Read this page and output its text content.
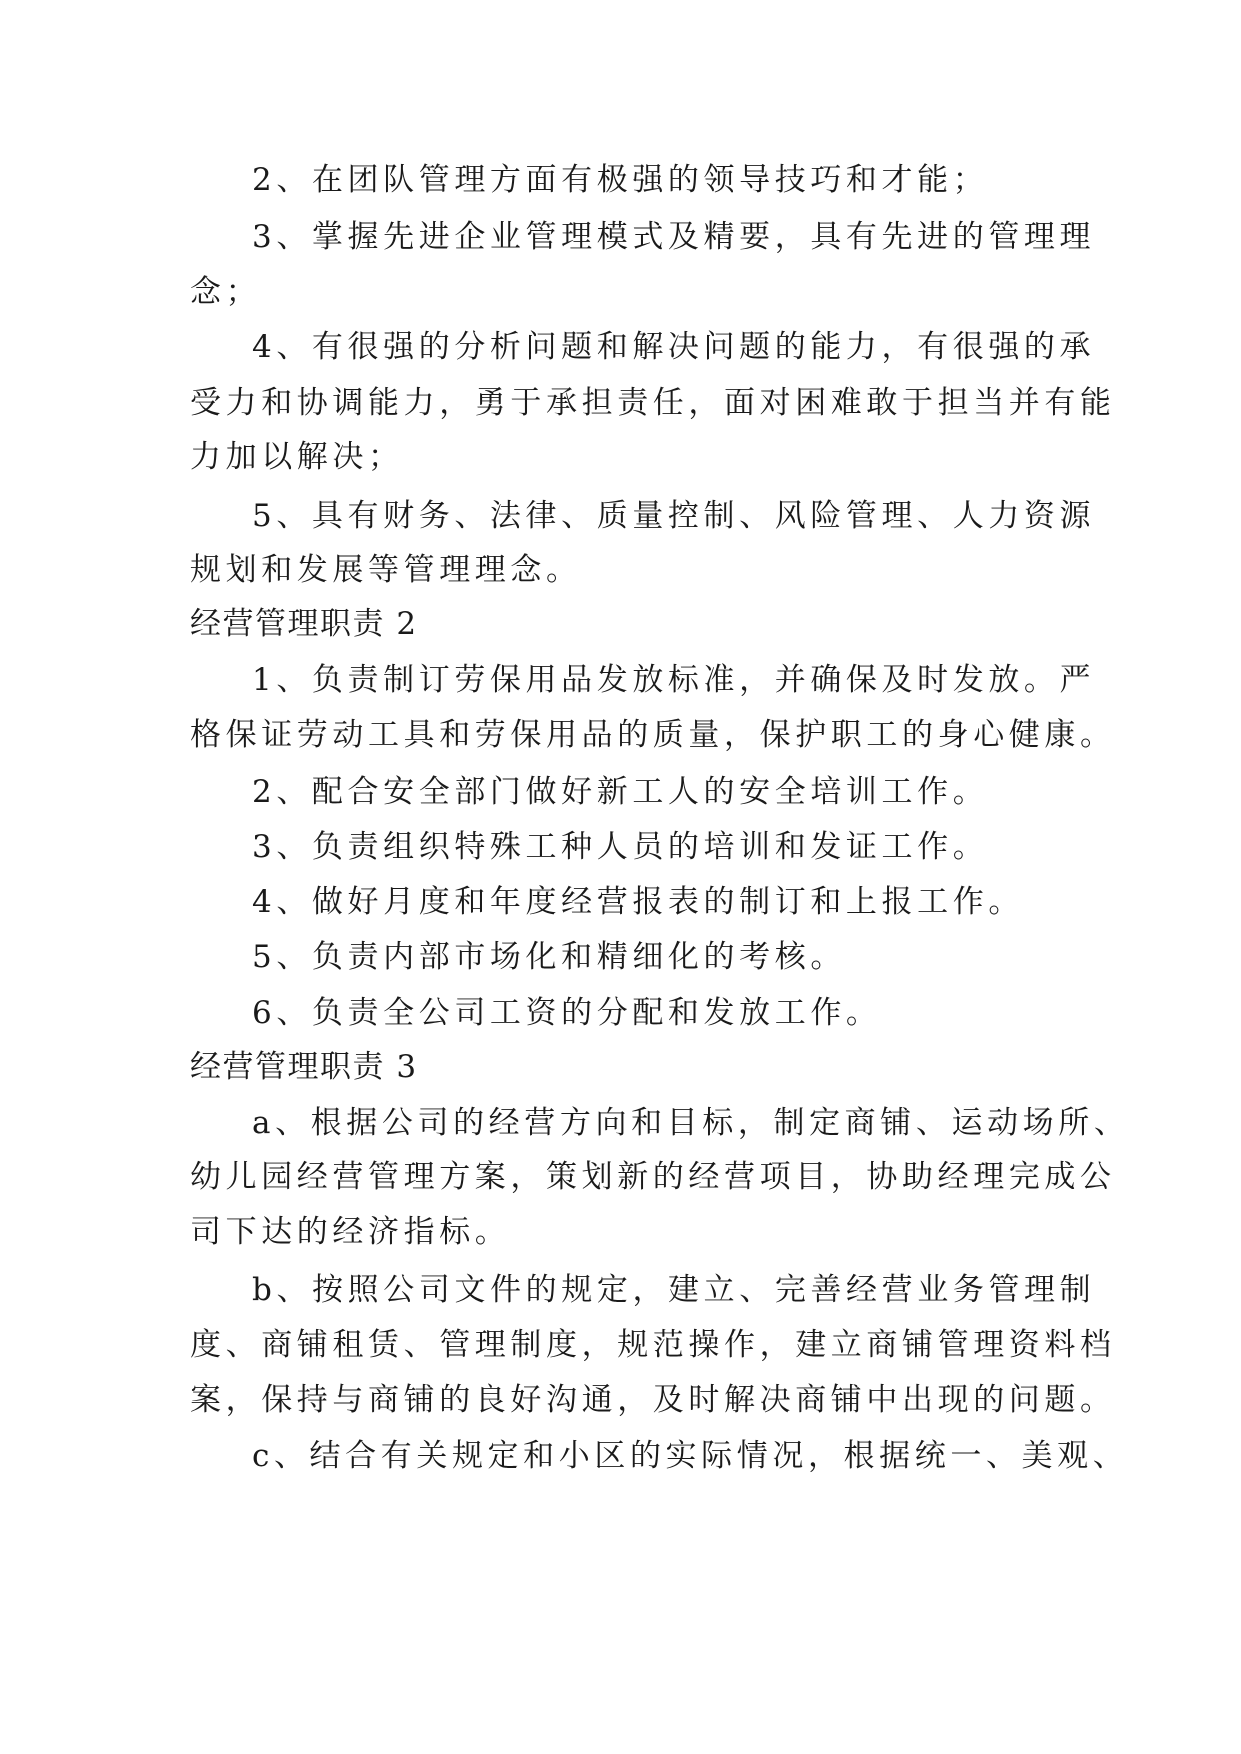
2、在团队管理方面有极强的领导技巧和才能；
3、掌握先进企业管理模式及精要，具有先进的管理理
念；
4、有很强的分析问题和解决问题的能力，有很强的承
受力和协调能力，勇于承担责任，面对困难敢于担当并有能
力加以解决；
5、具有财务、法律、质量控制、风险管理、人力资源
规划和发展等管理理念。
经营管理职责 2
1、负责制订劳保用品发放标准，并确保及时发放。严
格保证劳动工具和劳保用品的质量，保护职工的身心健康。
2、配合安全部门做好新工人的安全培训工作。
3、负责组织特殊工种人员的培训和发证工作。
4、做好月度和年度经营报表的制订和上报工作。
5、负责内部市场化和精细化的考核。
6、负责全公司工资的分配和发放工作。
经营管理职责 3
a、根据公司的经营方向和目标，制定商铺、运动场所、
幼儿园经营管理方案，策划新的经营项目，协助经理完成公
司下达的经济指标。
b、按照公司文件的规定，建立、完善经营业务管理制
度、商铺租赁、管理制度，规范操作，建立商铺管理资料档
案，保持与商铺的良好沟通，及时解决商铺中出现的问题。
c、结合有关规定和小区的实际情况，根据统一、美观、
